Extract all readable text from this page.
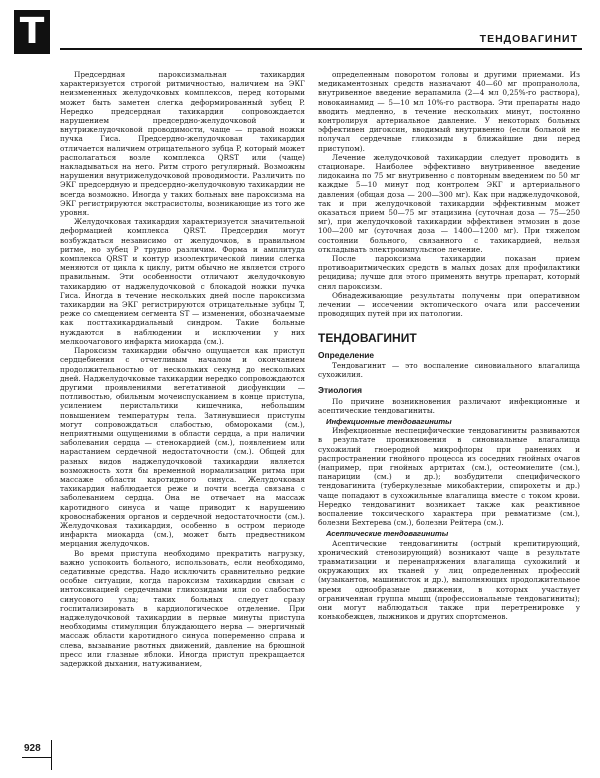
Т	ТЕНДОВАГИНИТ

Предсердная пароксизмальная тахикардия характеризуется строгой ритмичностью, наличием на ЭКГ неизмененных желудочковых комплексов, перед которыми может быть заметен слегка деформированный зубец P. Нередко предсердная тахикардия сопровождается нарушением предсердно-желудочковой и внутрижелудочковой проводимости, чаще — правой ножки пучка Гиса. Предсердно-желудочковая тахикардия отличается наличием отрицательного зубца P, который может располагаться возле комплекса QRST или (чаще) накладываться на него. Ритм строго регулярный. Возможны нарушения внутрижелудочковой проводимости. Различить по ЭКГ предсердную и предсердно-желудочковую тахикардии не всегда возможно. Иногда у таких больных вне пароксизма на ЭКГ регистрируются экстрасистолы, возникающие из того же уровня.

Желудочковая тахикардия характеризуется значительной деформацией комплекса QRST. Предсердия могут возбуждаться независимо от желудочков, в правильном ритме, но зубец P трудно различим. Форма и амплитуда комплекса QRST и контур изоэлектрической линии слегка меняются от цикла к циклу, ритм обычно не является строго правильным. Эти особенности отличают желудочковую тахикардию от наджелудочковой с блокадой ножки пучка Гиса. Иногда в течение нескольких дней после пароксизма тахикардии на ЭКГ регистрируются отрицательные зубцы T, реже со смещением сегмента ST — изменения, обозначаемые как посттахикардиальный синдром. Такие больные нуждаются в наблюдении и исключении у них мелкоочагового инфаркта миокарда (см.).

Пароксизм тахикардии обычно ощущается как приступ сердцебиения с отчетливым началом и окончанием продолжительностью от нескольких секунд до нескольких дней. Наджелудочковые тахикардии нередко сопровождаются другими проявлениями вегетативной дисфункции — потливостью, обильным мочеиспусканием в конце приступа, усилением перистальтики кишечника, небольшим повышением температуры тела. Затянувшиеся приступы могут сопровождаться слабостью, обмороками (см.), неприятными ощущениями в области сердца, а при наличии заболевания сердца — стенокардией (см.), появлением или нарастанием сердечной недостаточности (см.). Общей для разных видов наджелудочковой тахикардии является возможность хотя бы временной нормализации ритма при массаже области каротидного синуса. Желудочковая тахикардия наблюдается реже и почти всегда связана с заболеванием сердца. Она не отвечает на массаж каротидного синуса и чаще приводит к нарушению кровоснабжения органов и сердечной недостаточности (см.). Желудочковая тахикардия, особенно в остром периоде инфаркта миокарда (см.), может быть предвестником мерцания желудочков.

Во время приступа необходимо прекратить нагрузку, важно успокоить больного, использовать, если необходимо, седативные средства. Надо исключить сравнительно редкие особые ситуации, когда пароксизм тахикардии связан с интоксикацией сердечными гликозидами или со слабостью синусового узла; таких больных следует сразу госпитализировать в кардиологическое отделение. При наджелудочковой тахикардии в первые минуты приступа необходимы стимуляция блуждающего нерва — энергичный массаж области каротидного синуса попеременно справа и слева, вызывание рвотных движений, давление на брюшной пресс или глазные яблоки. Иногда приступ прекращается задержкой дыхания, натуживанием,

определенным поворотом головы и другими приемами. Из медикаментозных средств назначают 40—60 мг пропранолола, внутривенное введение верапамила (2—4 мл 0,25%-го раствора), новокаинамид — 5—10 мл 10%-го раствора. Эти препараты надо вводить медленно, в течение нескольких минут, постоянно контролируя артериальное давление. У некоторых больных эффективен дигоксин, вводимый внутривенно (если больной не получал сердечные гликозиды в ближайшие дни перед приступом).

Лечение желудочковой тахикардии следует проводить в стационаре. Наиболее эффективно внутривенное введение лидокаина по 75 мг внутривенно с повторным введением по 50 мг каждые 5—10 минут под контролем ЭКГ и артериального давления (общая доза — 200—300 мг). Как при наджелудочковой, так и при желудочковой тахикардии эффективным может оказаться прием 50—75 мг этацизина (суточная доза — 75—250 мг), при желудочковой тахикардии эффективен этмозин в дозе 100—200 мг (суточная доза — 1400—1200 мг). При тяжелом состоянии больного, связанного с тахикардией, нельзя откладывать электроимпульсное лечение.

После пароксизма тахикардии показан прием противоаритмических средств в малых дозах для профилактики рецидива; лучше для этого применять внутрь препарат, который снял пароксизм.

Обнадеживающие результаты получены при оперативном лечении — иссечении эктопического очага или рассечении проводящих путей при их патологии.

ТЕНДОВАГИНИТ
Определение

Тендовагинит — это воспаление синовиального влагалища сухожилия.

Этиология

По причине возникновения различают инфекционные и асептические тендовагиниты.

Инфекционные тендовагиниты

Инфекционные неспецифические тендовагиниты развиваются в результате проникновения в синовиальные влагалища сухожилий гноеродной микрофлоры при ранениях и распространении гнойного процесса из соседних гнойных очагов (например, при гнойных артритах (см.), остеомиелите (см.), панариции (см.) и др.); возбудители специфического тендовагинита (туберкулезные микобактерии, спирохеты и др.) чаще попадают в сухожильные влагалища вместе с током крови. Нередко тендовагинит возникает также как реактивное воспаление токсического характера при ревматизме (см.), болезни Бехтерева (см.), болезни Рейтера (см.).

Асептические тендовагиниты

Асептические тендовагиниты (острый крепитирующий, хронический стенозирующий) возникают чаще в результате травматизации и перенапряжения влагалища сухожилий и окружающих их тканей у лиц определенных профессий (музыкантов, машинисток и др.), выполняющих продолжительное время однообразные движения, в которых участвует ограниченная группа мышц (профессиональные тендовагиниты); они могут наблюдаться также при перетренировке у конькобежцев, лыжников и других спортсменов.

928
